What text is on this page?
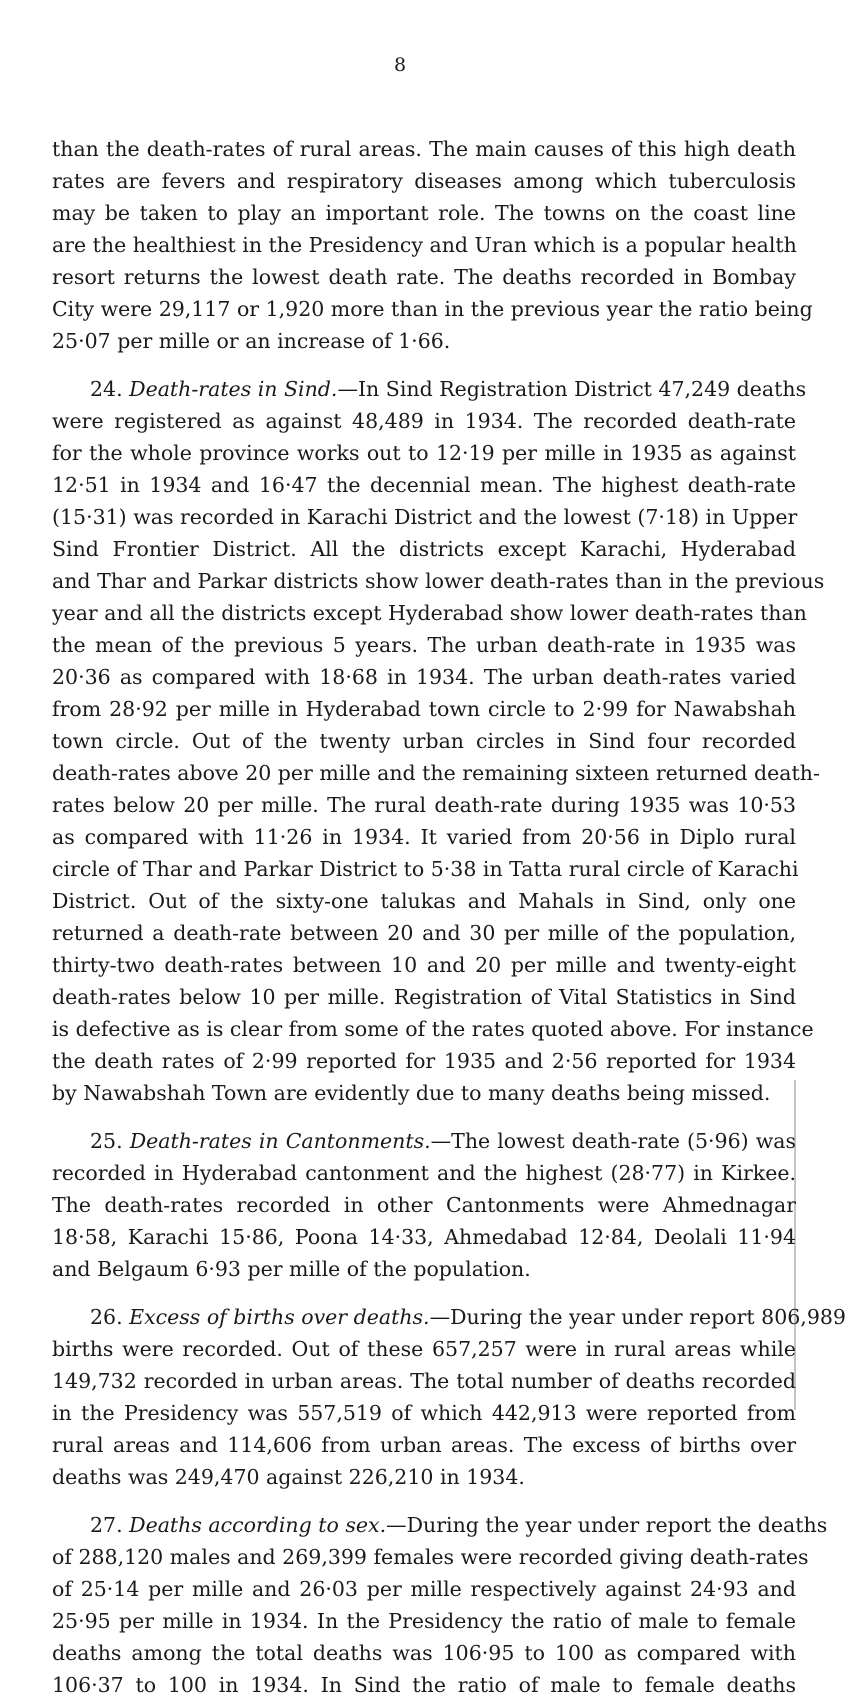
8
than the death-rates of rural areas. The main causes of this high death
rates are fevers and respiratory diseases among which tuberculosis
may be taken to play an important role. The towns on the coast line
are the healthiest in the Presidency and Uran which is a popular health
resort returns the lowest death rate. The deaths recorded in Bombay
City were 29,117 or 1,920 more than in the previous year the ratio being
25·07 per mille or an increase of 1·66.
24. Death-rates in Sind.—In Sind Registration District 47,249 deaths
were registered as against 48,489 in 1934. The recorded death-rate
for the whole province works out to 12·19 per mille in 1935 as against
12·51 in 1934 and 16·47 the decennial mean. The highest death-rate
(15·31) was recorded in Karachi District and the lowest (7·18) in Upper
Sind Frontier District. All the districts except Karachi, Hyderabad
and Thar and Parkar districts show lower death-rates than in the previous
year and all the districts except Hyderabad show lower death-rates than
the mean of the previous 5 years. The urban death-rate in 1935 was
20·36 as compared with 18·68 in 1934. The urban death-rates varied
from 28·92 per mille in Hyderabad town circle to 2·99 for Nawabshah
town circle. Out of the twenty urban circles in Sind four recorded
death-rates above 20 per mille and the remaining sixteen returned death-
rates below 20 per mille. The rural death-rate during 1935 was 10·53
as compared with 11·26 in 1934. It varied from 20·56 in Diplo rural
circle of Thar and Parkar District to 5·38 in Tatta rural circle of Karachi
District. Out of the sixty-one talukas and Mahals in Sind, only one
returned a death-rate between 20 and 30 per mille of the population,
thirty-two death-rates between 10 and 20 per mille and twenty-eight
death-rates below 10 per mille. Registration of Vital Statistics in Sind
is defective as is clear from some of the rates quoted above. For instance
the death rates of 2·99 reported for 1935 and 2·56 reported for 1934
by Nawabshah Town are evidently due to many deaths being missed.
25. Death-rates in Cantonments.—The lowest death-rate (5·96) was
recorded in Hyderabad cantonment and the highest (28·77) in Kirkee.
The death-rates recorded in other Cantonments were Ahmednagar
18·58, Karachi 15·86, Poona 14·33, Ahmedabad 12·84, Deolali 11·94
and Belgaum 6·93 per mille of the population.
26. Excess of births over deaths.—During the year under report 806,989
births were recorded. Out of these 657,257 were in rural areas while
149,732 recorded in urban areas. The total number of deaths recorded
in the Presidency was 557,519 of which 442,913 were reported from
rural areas and 114,606 from urban areas. The excess of births over
deaths was 249,470 against 226,210 in 1934.
27. Deaths according to sex.—During the year under report the deaths
of 288,120 males and 269,399 females were recorded giving death-rates
of 25·14 per mille and 26·03 per mille respectively against 24·93 and
25·95 per mille in 1934. In the Presidency the ratio of male to female
deaths among the total deaths was 106·95 to 100 as compared with
106·37 to 100 in 1934. In Sind the ratio of male to female deaths
